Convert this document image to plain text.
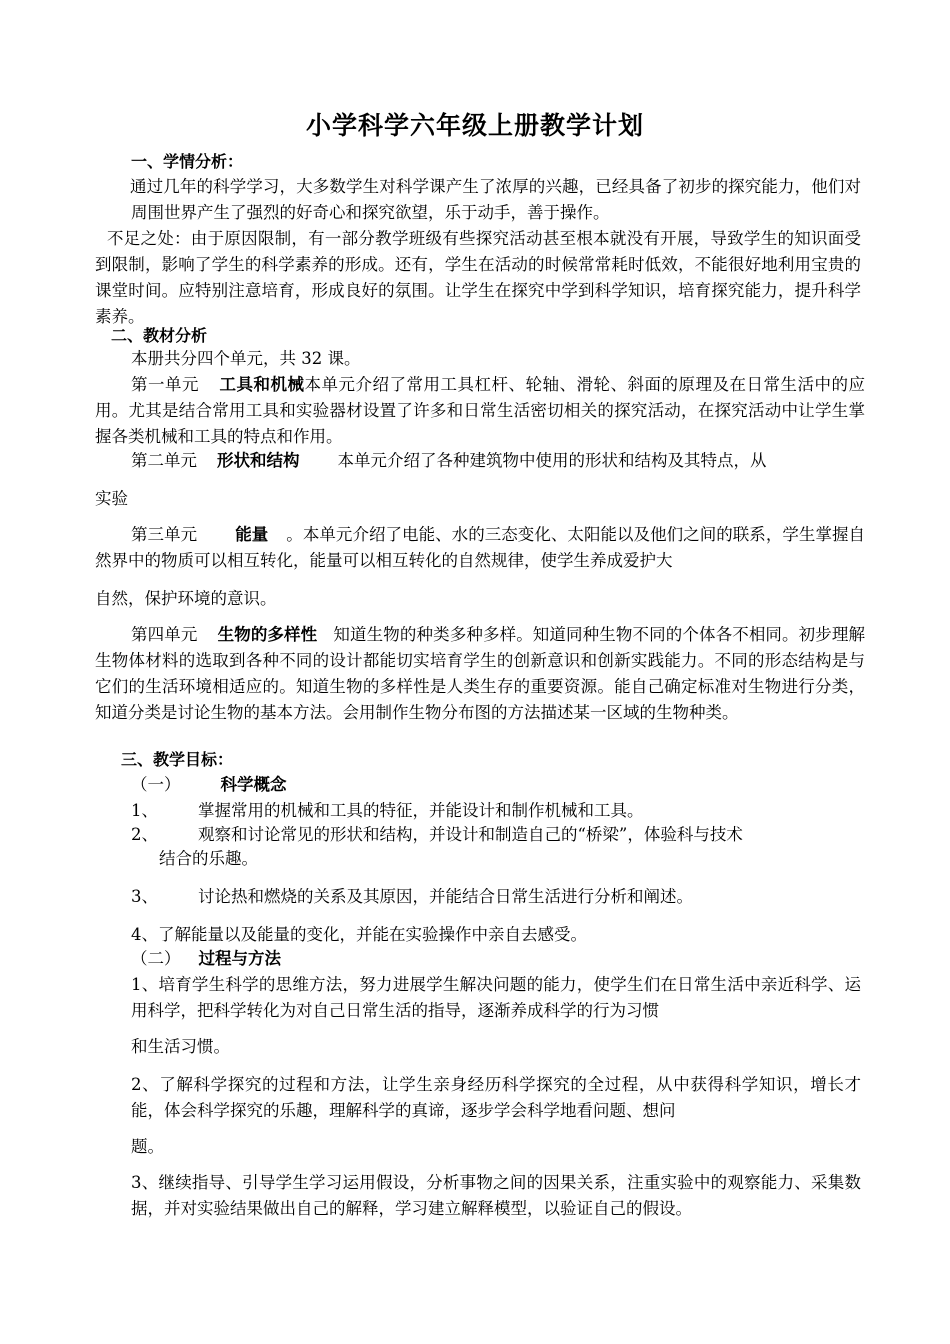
小学科学六年级上册教学计划
一、学情分析：
通过几年的科学学习，大多数学生对科学课产生了浓厚的兴趣，已经具备了初步的探究能力，他们对周围世界产生了强烈的好奇心和探究欲望，乐于动手，善于操作。
不足之处：由于原因限制，有一部分教学班级有些探究活动甚至根本就没有开展，导致学生的知识面受到限制，影响了学生的科学素养的形成。还有，学生在活动的时候常常耗时低效，不能很好地利用宝贵的课堂时间。应特别注意培育，形成良好的氛围。让学生在探究中学到科学知识，培育探究能力，提升科学素养。
二、教材分析
本册共分四个单元，共 32 课。
第一单元 工具和机械本单元介绍了常用工具杠杆、轮轴、滑轮、斜面的原理及在日常生活中的应用。尤其是结合常用工具和实验器材设置了许多和日常生活密切相关的探究活动，在探究活动中让学生掌握各类机械和工具的特点和作用。
第二单元 形状和结构 本单元介绍了各种建筑物中使用的形状和结构及其特点，从
实验
第三单元 能量 。本单元介绍了电能、水的三态变化、太阳能以及他们之间的联系，学生掌握自然界中的物质可以相互转化，能量可以相互转化的自然规律，使学生养成爱护大
自然，保护环境的意识。
第四单元 生物的多样性 知道生物的种类多种多样。知道同种生物不同的个体各不相同。初步理解生物体材料的选取到各种不同的设计都能切实培育学生的创新意识和创新实践能力。不同的形态结构是与它们的生活环境相适应的。知道生物的多样性是人类生存的重要资源。能自己确定标准对生物进行分类，知道分类是讨论生物的基本方法。会用制作生物分布图的方法描述某一区域的生物种类。
三、教学目标：
（一） 科学概念
1、 掌握常用的机械和工具的特征，并能设计和制作机械和工具。
2、 观察和讨论常见的形状和结构，并设计和制造自己的“桥梁”，体验科与技术
结合的乐趣。
3、 讨论热和燃烧的关系及其原因，并能结合日常生活进行分析和阐述。
4、了解能量以及能量的变化，并能在实验操作中亲自去感受。
（二） 过程与方法
1、培育学生科学的思维方法，努力进展学生解决问题的能力，使学生们在日常生活中亲近科学、运用科学，把科学转化为对自己日常生活的指导，逐渐养成科学的行为习惯
和生活习惯。
2、了解科学探究的过程和方法，让学生亲身经历科学探究的全过程，从中获得科学知识，增长才能，体会科学探究的乐趣，理解科学的真谛，逐步学会科学地看问题、想问
题。
3、继续指导、引导学生学习运用假设，分析事物之间的因果关系，注重实验中的观察能力、采集数据，并对实验结果做出自己的解释，学习建立解释模型，以验证自己的假设。
